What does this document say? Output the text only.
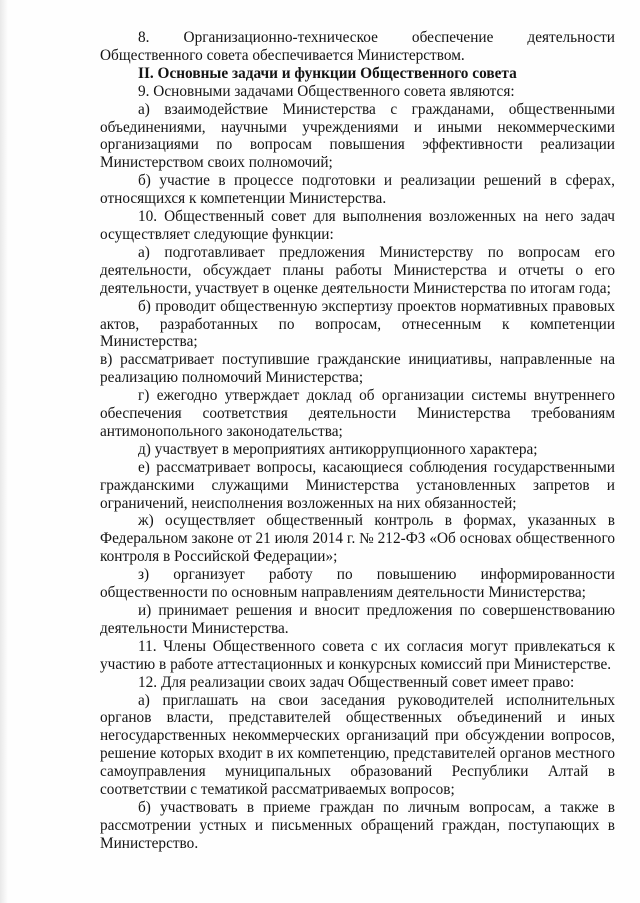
8. Организационно-техническое обеспечение деятельности Общественного совета обеспечивается Министерством.

II. Основные задачи и функции Общественного совета

9. Основными задачами Общественного совета являются:

а) взаимодействие Министерства с гражданами, общественными объединениями, научными учреждениями и иными некоммерческими организациями по вопросам повышения эффективности реализации Министерством своих полномочий;

б) участие в процессе подготовки и реализации решений в сферах, относящихся к компетенции Министерства.

10. Общественный совет для выполнения возложенных на него задач осуществляет следующие функции:

а) подготавливает предложения Министерству по вопросам его деятельности, обсуждает планы работы Министерства и отчеты о его деятельности, участвует в оценке деятельности Министерства по итогам года;

б) проводит общественную экспертизу проектов нормативных правовых актов, разработанных по вопросам, отнесенным к компетенции Министерства;

в) рассматривает поступившие гражданские инициативы, направленные на реализацию полномочий Министерства;

г) ежегодно утверждает доклад об организации системы внутреннего обеспечения соответствия деятельности Министерства требованиям антимонопольного законодательства;

д) участвует в мероприятиях антикоррупционного характера;

е) рассматривает вопросы, касающиеся соблюдения государственными гражданскими служащими Министерства установленных запретов и ограничений, неисполнения возложенных на них обязанностей;

ж) осуществляет общественный контроль в формах, указанных в Федеральном законе от 21 июля 2014 г. № 212-ФЗ «Об основах общественного контроля в Российской Федерации»;

з) организует работу по повышению информированности общественности по основным направлениям деятельности Министерства;

и) принимает решения и вносит предложения по совершенствованию деятельности Министерства.

11. Члены Общественного совета с их согласия могут привлекаться к участию в работе аттестационных и конкурсных комиссий при Министерстве.

12. Для реализации своих задач Общественный совет имеет право:

а) приглашать на свои заседания руководителей исполнительных органов власти, представителей общественных объединений и иных негосударственных некоммерческих организаций при обсуждении вопросов, решение которых входит в их компетенцию, представителей органов местного самоуправления муниципальных образований Республики Алтай в соответствии с тематикой рассматриваемых вопросов;

б) участвовать в приеме граждан по личным вопросам, а также в рассмотрении устных и письменных обращений граждан, поступающих в Министерство.
